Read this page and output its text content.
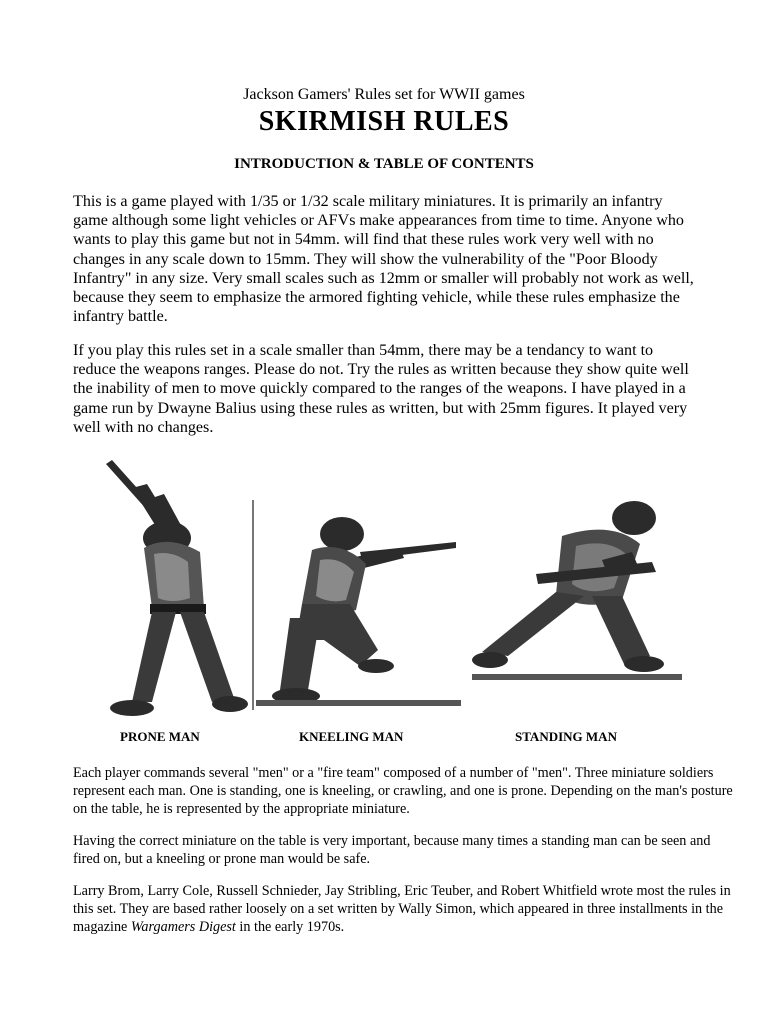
Jackson Gamers' Rules set for WWII games
SKIRMISH RULES
INTRODUCTION & TABLE OF CONTENTS

This is a game played with 1/35 or 1/32 scale military miniatures. It is primarily an infantry game although some light vehicles or AFVs make appearances from time to time. Anyone who wants to play this game but not in 54mm. will find that these rules work very well with no changes in any scale down to 15mm. They will show the vulnerability of the "Poor Bloody Infantry" in any size. Very small scales such as 12mm or smaller will probably not work as well, because they seem to emphasize the armored fighting vehicle, while these rules emphasize the infantry battle.

If you play this rules set in a scale smaller than 54mm, there may be a tendancy to want to reduce the weapons ranges. Please do not. Try the rules as written because they show quite well the inability of men to move quickly compared to the ranges of the weapons. I have played in a game run by Dwayne Balius using these rules as written, but with 25mm figures. It played very well with no changes.

PRONE MAN	KNEELING MAN	STANDING MAN

Each player commands several "men" or a "fire team" composed of a number of "men". Three miniature soldiers represent each man. One is standing, one is kneeling, or crawling, and one is prone. Depending on the man's posture on the table, he is represented by the appropriate miniature.

Having the correct miniature on the table is very important, because many times a standing man can be seen and fired on, but a kneeling or prone man would be safe.

Larry Brom, Larry Cole, Russell Schnieder, Jay Stribling, Eric Teuber, and Robert Whitfield wrote most the rules in this set. They are based rather loosely on a set written by Wally Simon, which appeared in three installments in the magazine Wargamers Digest in the early 1970s.
